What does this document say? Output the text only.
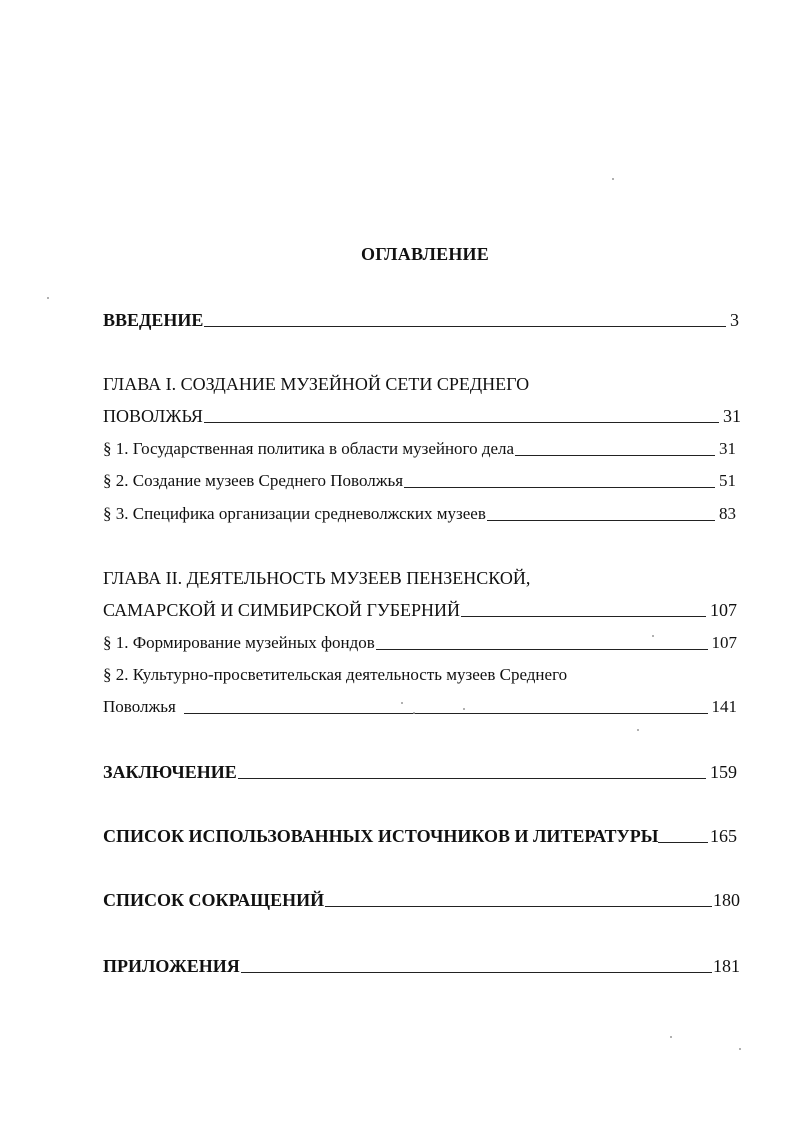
ОГЛАВЛЕНИЕ
ВВЕДЕНИЕ	3
ГЛАВА I. СОЗДАНИЕ МУЗЕЙНОЙ СЕТИ СРЕДНЕГО
ПОВОЛЖЬЯ	31
§ 1. Государственная политика в области музейного дела	31
§ 2. Создание музеев Среднего Поволжья	51
§ 3. Специфика организации средневолжских музеев	83
ГЛАВА II. ДЕЯТЕЛЬНОСТЬ МУЗЕЕВ ПЕНЗЕНСКОЙ,
САМАРСКОЙ И СИМБИРСКОЙ ГУБЕРНИЙ	107
§ 1. Формирование музейных фондов	107
§ 2. Культурно-просветительская деятельность музеев Среднего
Поволжья	141
ЗАКЛЮЧЕНИЕ	159
СПИСОК ИСПОЛЬЗОВАННЫХ ИСТОЧНИКОВ И ЛИТЕРАТУРЫ	165
СПИСОК СОКРАЩЕНИЙ	180
ПРИЛОЖЕНИЯ	181
